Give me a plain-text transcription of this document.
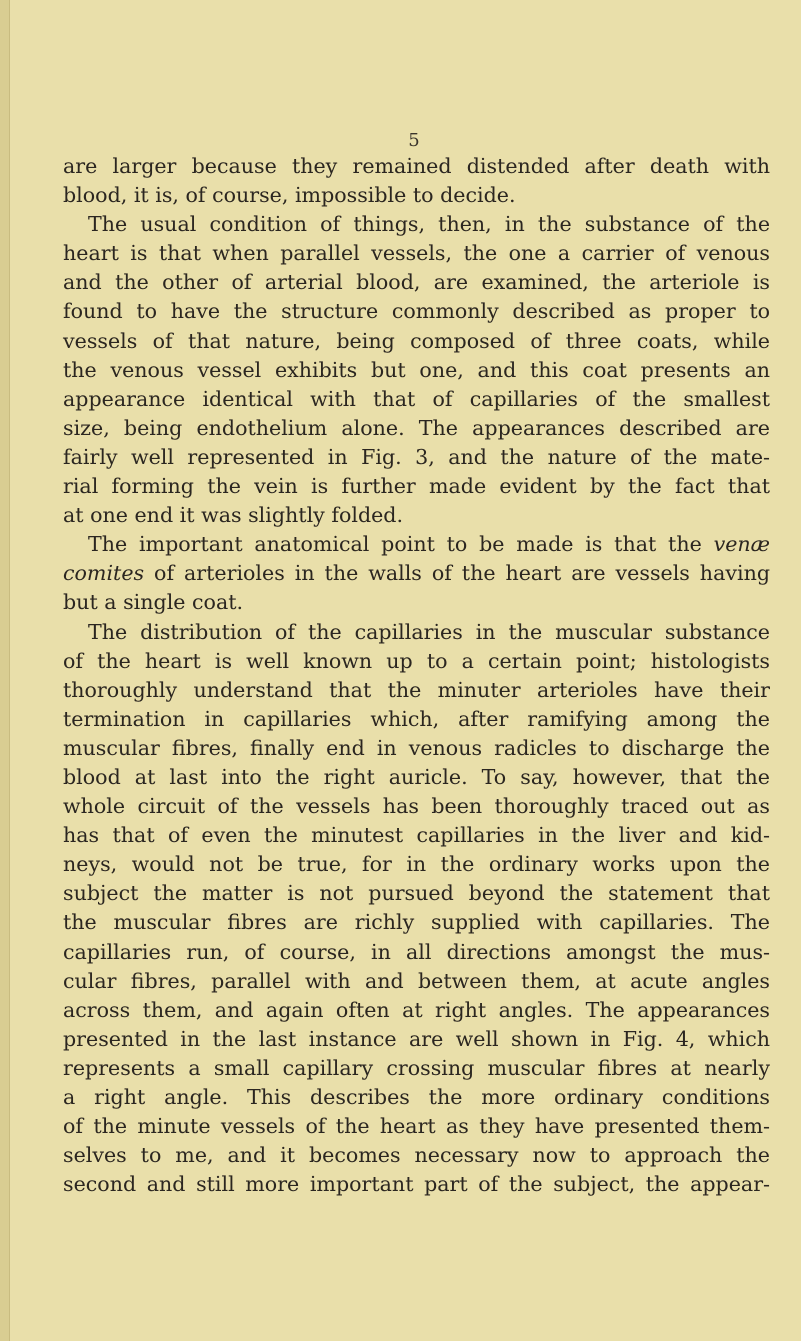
5
are larger because they remained distended after death with
blood, it is, of course, impossible to decide.
The usual condition of things, then, in the substance of the
heart is that when parallel vessels, the one a carrier of venous
and the other of arterial blood, are examined, the arteriole is
found to have the structure commonly described as proper to
vessels of that nature, being composed of three coats, while
the venous vessel exhibits but one, and this coat presents an
appearance identical with that of capillaries of the smallest
size, being endothelium alone. The appearances described are
fairly well represented in Fig. 3, and the nature of the mate-
rial forming the vein is further made evident by the fact that
at one end it was slightly folded.
The important anatomical point to be made is that the venæ
comites of arterioles in the walls of the heart are vessels having
but a single coat.
The distribution of the capillaries in the muscular substance
of the heart is well known up to a certain point; histologists
thoroughly understand that the minuter arterioles have their
termination in capillaries which, after ramifying among the
muscular fibres, finally end in venous radicles to discharge the
blood at last into the right auricle. To say, however, that the
whole circuit of the vessels has been thoroughly traced out as
has that of even the minutest capillaries in the liver and kid-
neys, would not be true, for in the ordinary works upon the
subject the matter is not pursued beyond the statement that
the muscular fibres are richly supplied with capillaries. The
capillaries run, of course, in all directions amongst the mus-
cular fibres, parallel with and between them, at acute angles
across them, and again often at right angles. The appearances
presented in the last instance are well shown in Fig. 4, which
represents a small capillary crossing muscular fibres at nearly
a right angle. This describes the more ordinary conditions
of the minute vessels of the heart as they have presented them-
selves to me, and it becomes necessary now to approach the
second and still more important part of the subject, the appear-
